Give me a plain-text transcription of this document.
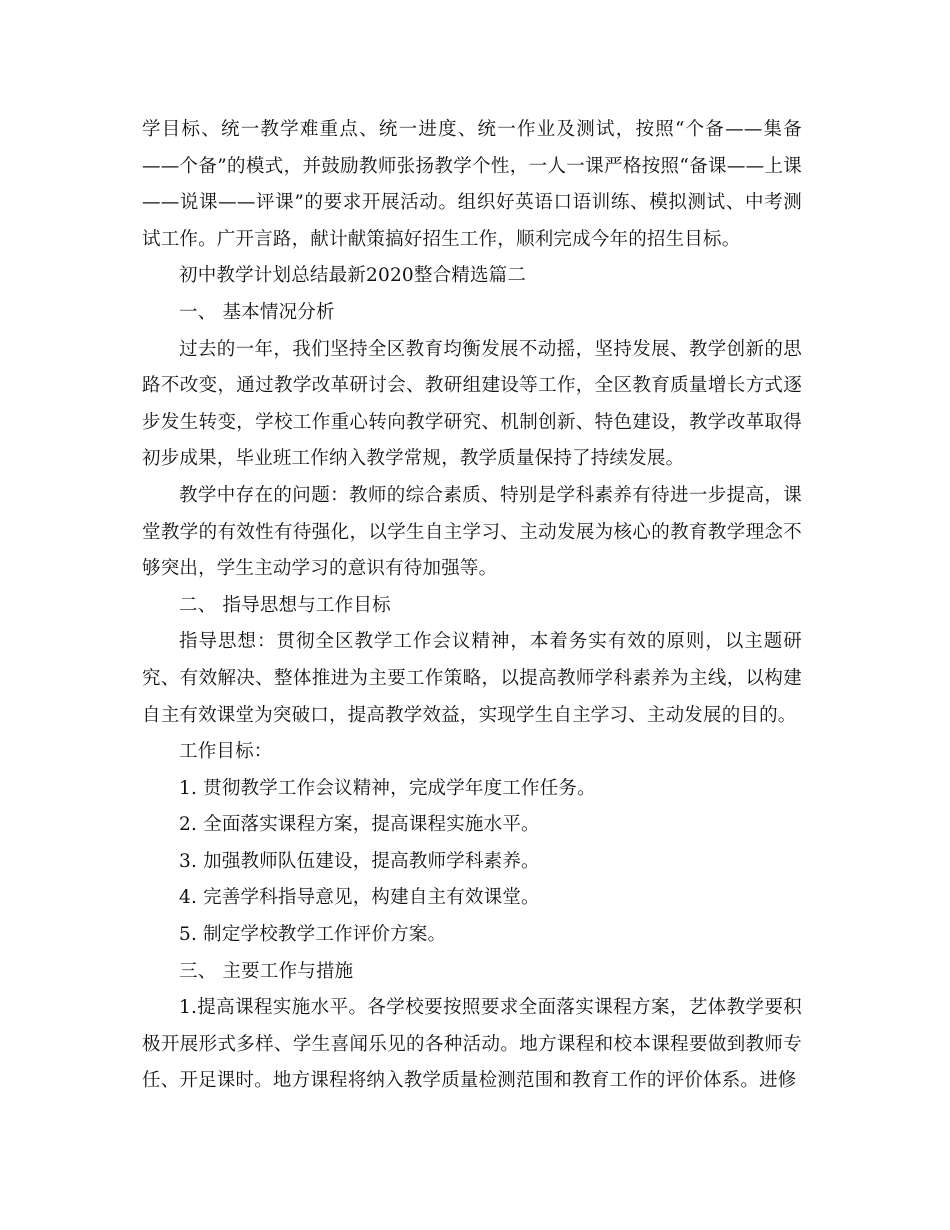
学目标、统一教学难重点、统一进度、统一作业及测试，按照“个备——集备——个备”的模式，并鼓励教师张扬教学个性，一人一课严格按照“备课——上课——说课——评课”的要求开展活动。组织好英语口语训练、模拟测试、中考测试工作。广开言路，献计献策搞好招生工作，顺利完成今年的招生目标。

初中教学计划总结最新2020整合精选篇二

一、 基本情况分析

过去的一年，我们坚持全区教育均衡发展不动摇，坚持发展、教学创新的思路不改变，通过教学改革研讨会、教研组建设等工作，全区教育质量增长方式逐步发生转变，学校工作重心转向教学研究、机制创新、特色建设，教学改革取得初步成果，毕业班工作纳入教学常规，教学质量保持了持续发展。

教学中存在的问题：教师的综合素质、特别是学科素养有待进一步提高，课堂教学的有效性有待强化，以学生自主学习、主动发展为核心的教育教学理念不够突出，学生主动学习的意识有待加强等。

二、 指导思想与工作目标

指导思想：贯彻全区教学工作会议精神，本着务实有效的原则，以主题研究、有效解决、整体推进为主要工作策略，以提高教师学科素养为主线，以构建自主有效课堂为突破口，提高教学效益，实现学生自主学习、主动发展的目的。

工作目标：

1. 贯彻教学工作会议精神，完成学年度工作任务。

2. 全面落实课程方案，提高课程实施水平。

3. 加强教师队伍建设，提高教师学科素养。

4. 完善学科指导意见，构建自主有效课堂。

5. 制定学校教学工作评价方案。

三、 主要工作与措施

1.提高课程实施水平。各学校要按照要求全面落实课程方案，艺体教学要积极开展形式多样、学生喜闻乐见的各种活动。地方课程和校本课程要做到教师专任、开足课时。地方课程将纳入教学质量检测范围和教育工作的评价体系。进修
